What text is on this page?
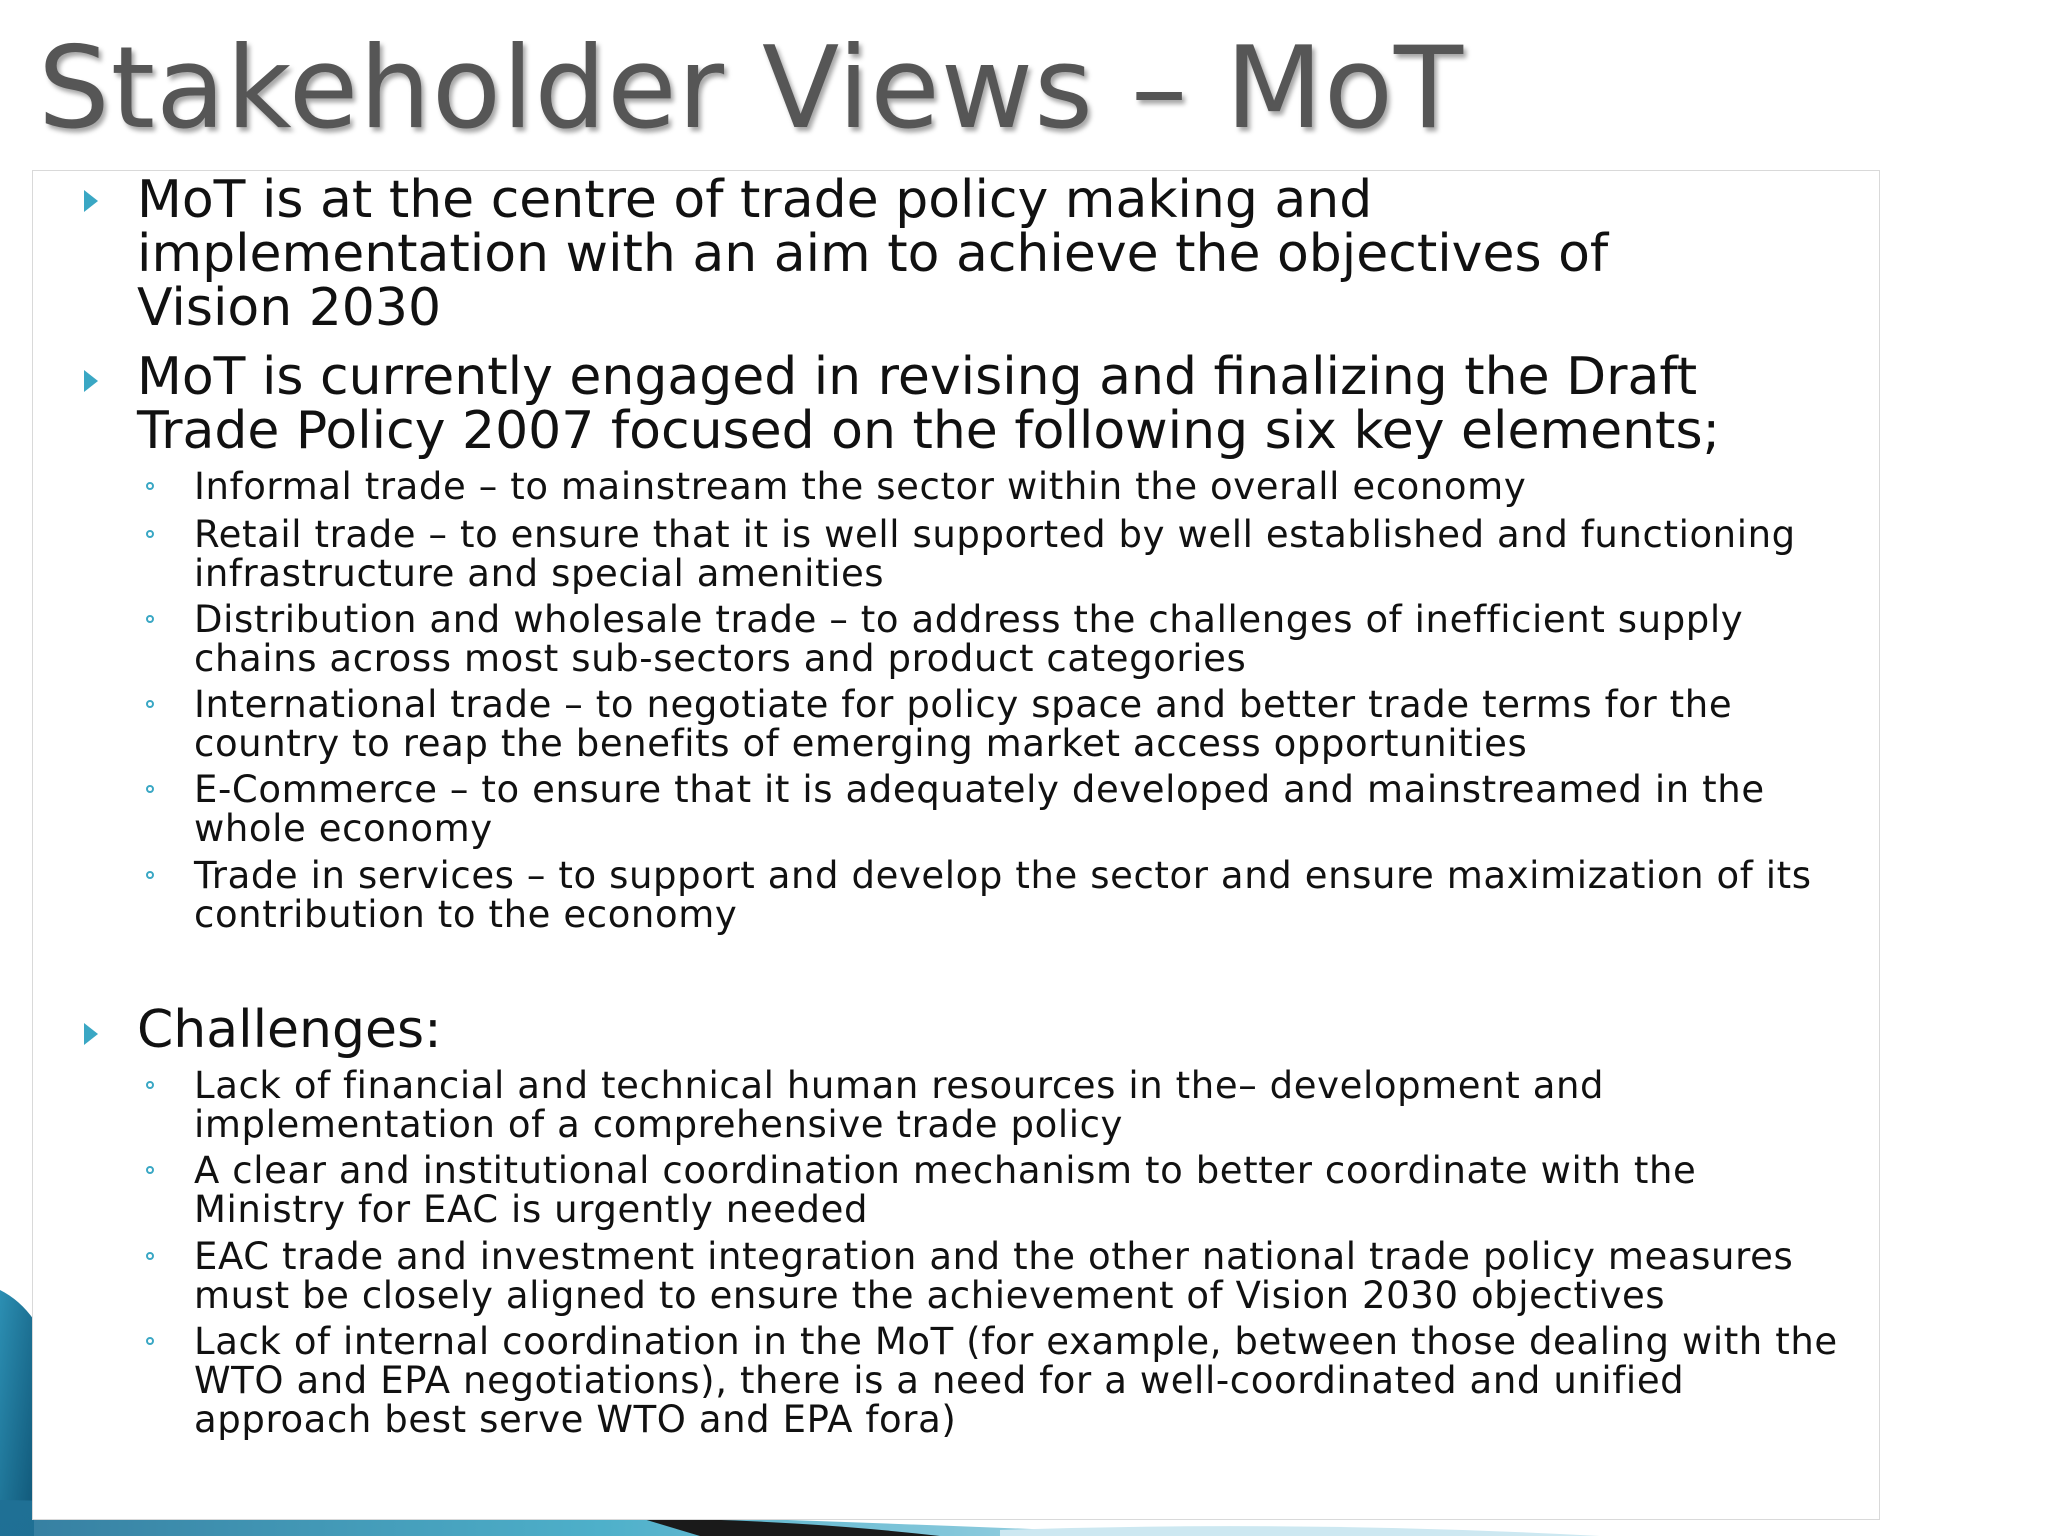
Stakeholder Views – MoT

MoT is at the centre of trade policy making and
implementation with an aim to achieve the objectives of
Vision 2030

MoT is currently engaged in revising and finalizing the Draft
Trade Policy 2007 focused on the following six key elements;

Informal trade – to mainstream the sector within the overall economy

Retail trade – to ensure that it is well supported by well established and functioning
infrastructure and special amenities

Distribution and wholesale trade – to address the challenges of inefficient supply
chains across most sub-sectors and product categories

International trade – to negotiate for policy space and better trade terms for the
country to reap the benefits of emerging market access opportunities

E-Commerce – to ensure that it is adequately developed and mainstreamed in the
whole economy

Trade in services – to support and develop the sector and ensure maximization of its
contribution to the economy

Challenges:

Lack of financial and technical human resources in the– development and
implementation of a comprehensive trade policy

A clear and institutional coordination mechanism to better coordinate with the
Ministry for EAC is urgently needed

EAC trade and investment integration and the other national trade policy measures
must be closely aligned to ensure the achievement of Vision 2030 objectives

Lack of internal coordination in the MoT (for example, between those dealing with the
WTO and EPA negotiations), there is a need for a well-coordinated and unified
approach best serve WTO and EPA fora)
